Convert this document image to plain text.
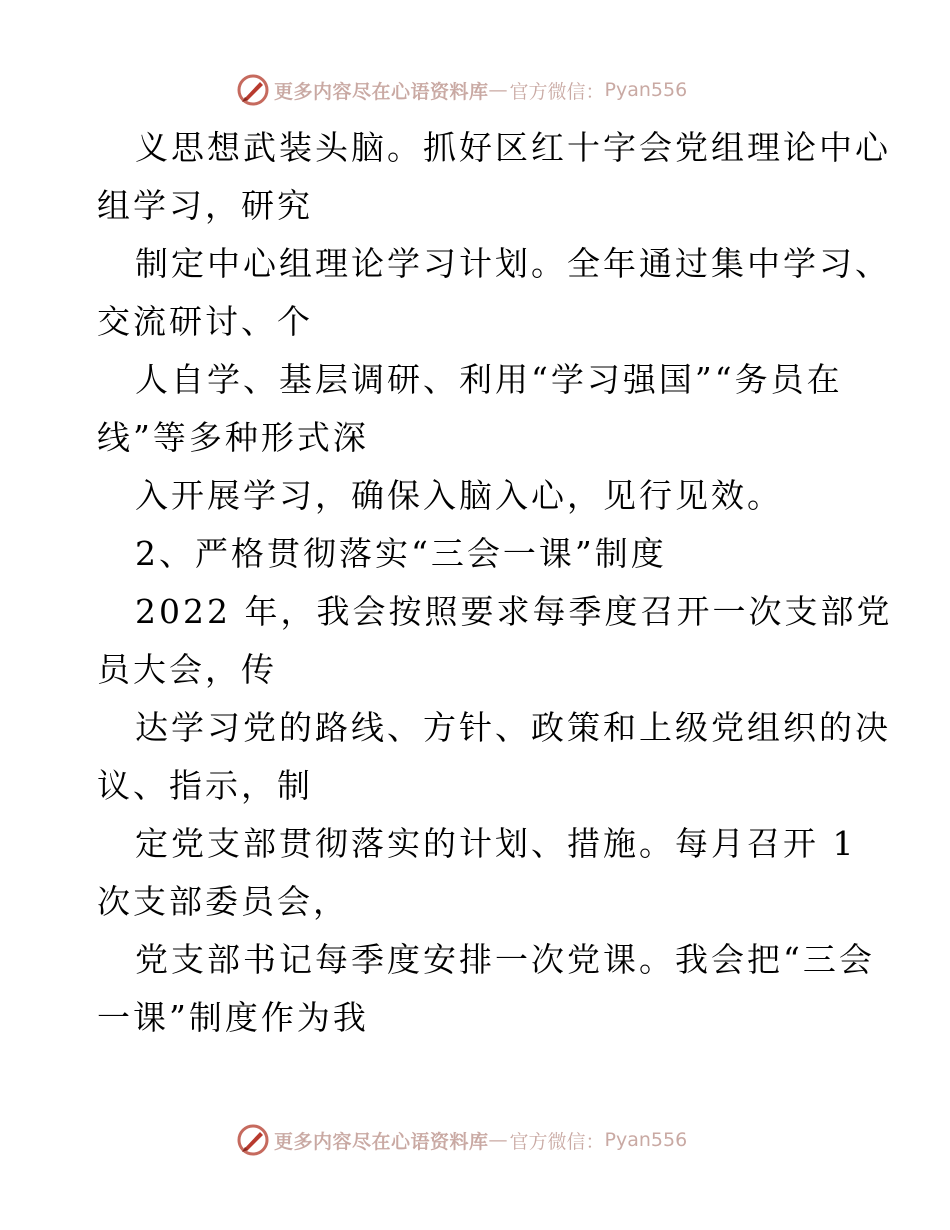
更多内容尽在心语资料库 — 官方微信： Pyan556
义思想武装头脑。抓好区红十字会党组理论中心
组学习，研究
制定中心组理论学习计划。全年通过集中学习、
交流研讨、个
人自学、基层调研、利用“学习强国”“务员在
线”等多种形式深
入开展学习，确保入脑入心，见行见效。
2、严格贯彻落实“三会一课”制度
2022 年，我会按照要求每季度召开一次支部党
员大会，传
达学习党的路线、方针、政策和上级党组织的决
议、指示，制
定党支部贯彻落实的计划、措施。每月召开 1
次支部委员会，
党支部书记每季度安排一次党课。我会把“三会
一课”制度作为我
更多内容尽在心语资料库 — 官方微信： Pyan556
